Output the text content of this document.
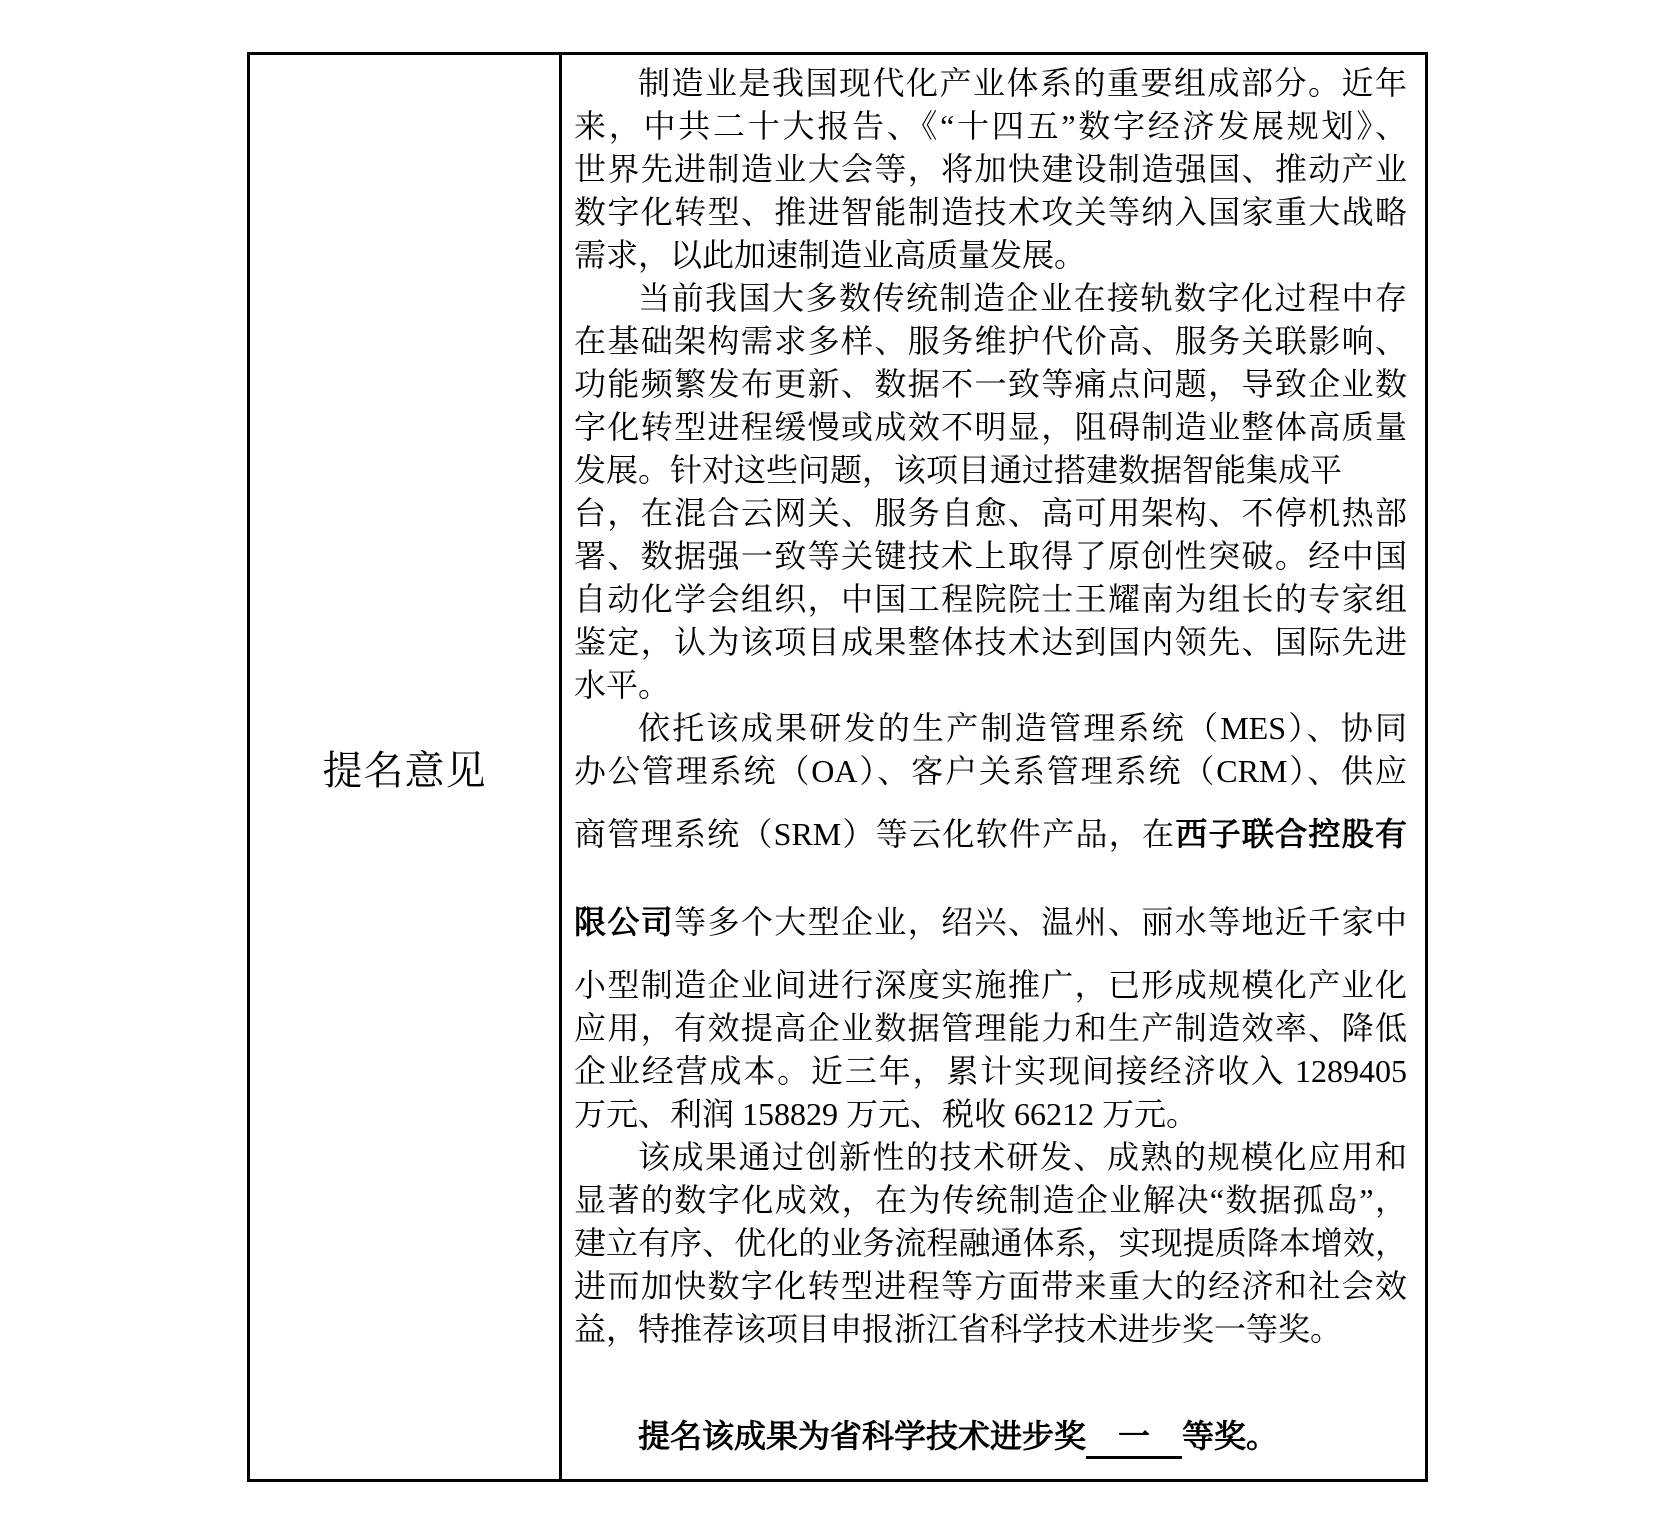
提名意见
制造业是我国现代化产业体系的重要组成部分。近年
来，中共二十大报告、《“十四五”数字经济发展规划》、
世界先进制造业大会等，将加快建设制造强国、推动产业
数字化转型、推进智能制造技术攻关等纳入国家重大战略
需求，以此加速制造业高质量发展。
当前我国大多数传统制造企业在接轨数字化过程中存
在基础架构需求多样、服务维护代价高、服务关联影响、
功能频繁发布更新、数据不一致等痛点问题，导致企业数
字化转型进程缓慢或成效不明显，阻碍制造业整体高质量
发展。针对这些问题，该项目通过搭建数据智能集成平
台，在混合云网关、服务自愈、高可用架构、不停机热部
署、数据强一致等关键技术上取得了原创性突破。经中国
自动化学会组织，中国工程院院士王耀南为组长的专家组
鉴定，认为该项目成果整体技术达到国内领先、国际先进
水平。
依托该成果研发的生产制造管理系统（MES）、协同
办公管理系统（OA）、客户关系管理系统（CRM）、供应
商管理系统（SRM）等云化软件产品，在西子联合控股有
限公司等多个大型企业，绍兴、温州、丽水等地近千家中
小型制造企业间进行深度实施推广，已形成规模化产业化
应用，有效提高企业数据管理能力和生产制造效率、降低
企业经营成本。近三年，累计实现间接经济收入 1289405
万元、利润 158829 万元、税收 66212 万元。
该成果通过创新性的技术研发、成熟的规模化应用和
显著的数字化成效，在为传统制造企业解决“数据孤岛”，
建立有序、优化的业务流程融通体系，实现提质降本增效，
进而加快数字化转型进程等方面带来重大的经济和社会效
益，特推荐该项目申报浙江省科学技术进步奖一等奖。
提名该成果为省科学技术进步奖 一 等奖。
